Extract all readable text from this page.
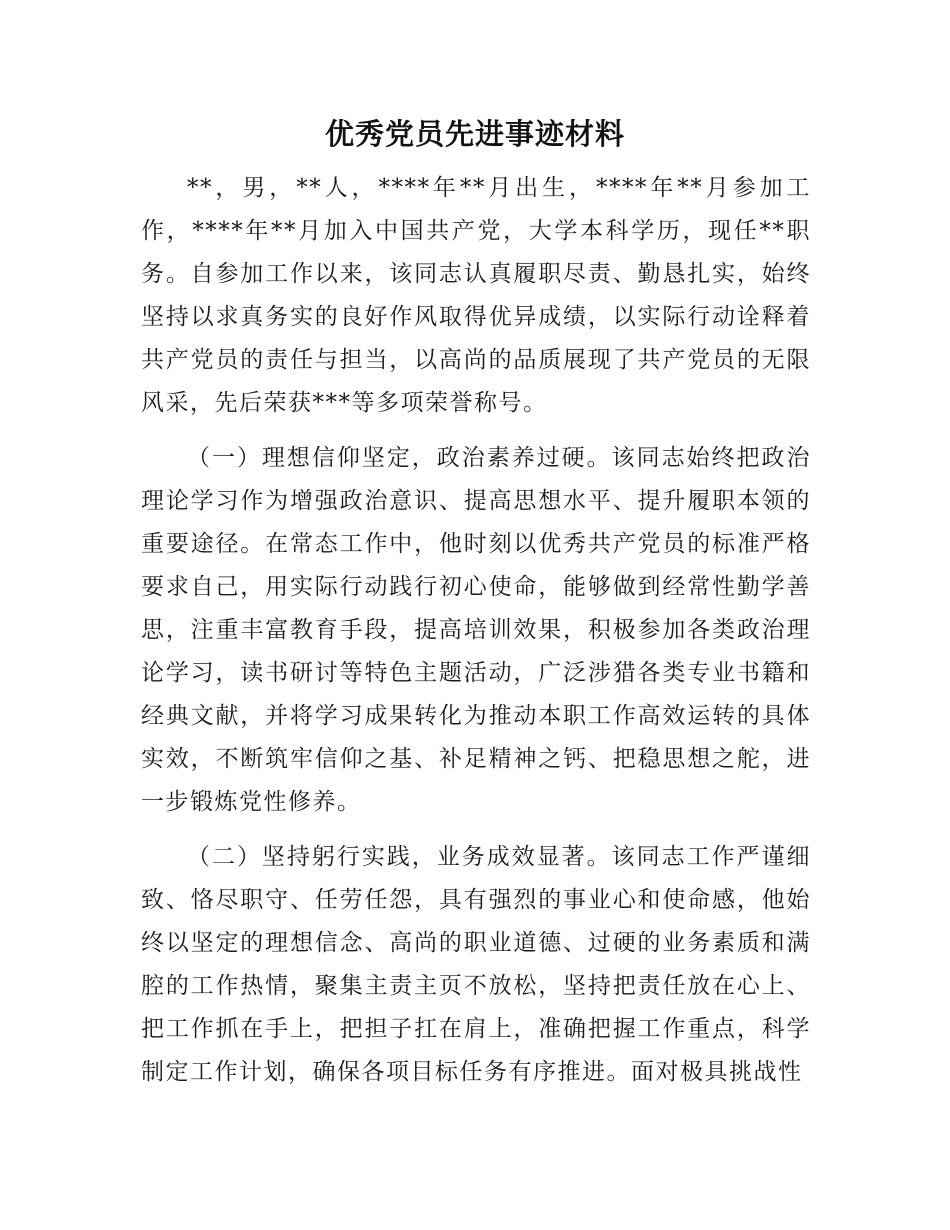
优秀党员先进事迹材料

**，男，**人，****年**月出生，****年**月参加工作，****年**月加入中国共产党，大学本科学历，现任**职务。自参加工作以来，该同志认真履职尽责、勤恳扎实，始终坚持以求真务实的良好作风取得优异成绩，以实际行动诠释着共产党员的责任与担当，以高尚的品质展现了共产党员的无限风采，先后荣获***等多项荣誉称号。

（一）理想信仰坚定，政治素养过硬。该同志始终把政治理论学习作为增强政治意识、提高思想水平、提升履职本领的重要途径。在常态工作中，他时刻以优秀共产党员的标准严格要求自己，用实际行动践行初心使命，能够做到经常性勤学善思，注重丰富教育手段，提高培训效果，积极参加各类政治理论学习，读书研讨等特色主题活动，广泛涉猎各类专业书籍和经典文献，并将学习成果转化为推动本职工作高效运转的具体实效，不断筑牢信仰之基、补足精神之钙、把稳思想之舵，进一步锻炼党性修养。

（二）坚持躬行实践，业务成效显著。该同志工作严谨细致、恪尽职守、任劳任怨，具有强烈的事业心和使命感，他始终以坚定的理想信念、高尚的职业道德、过硬的业务素质和满腔的工作热情，聚集主责主页不放松，坚持把责任放在心上、把工作抓在手上，把担子扛在肩上，准确把握工作重点，科学制定工作计划，确保各项目标任务有序推进。面对极具挑战性
